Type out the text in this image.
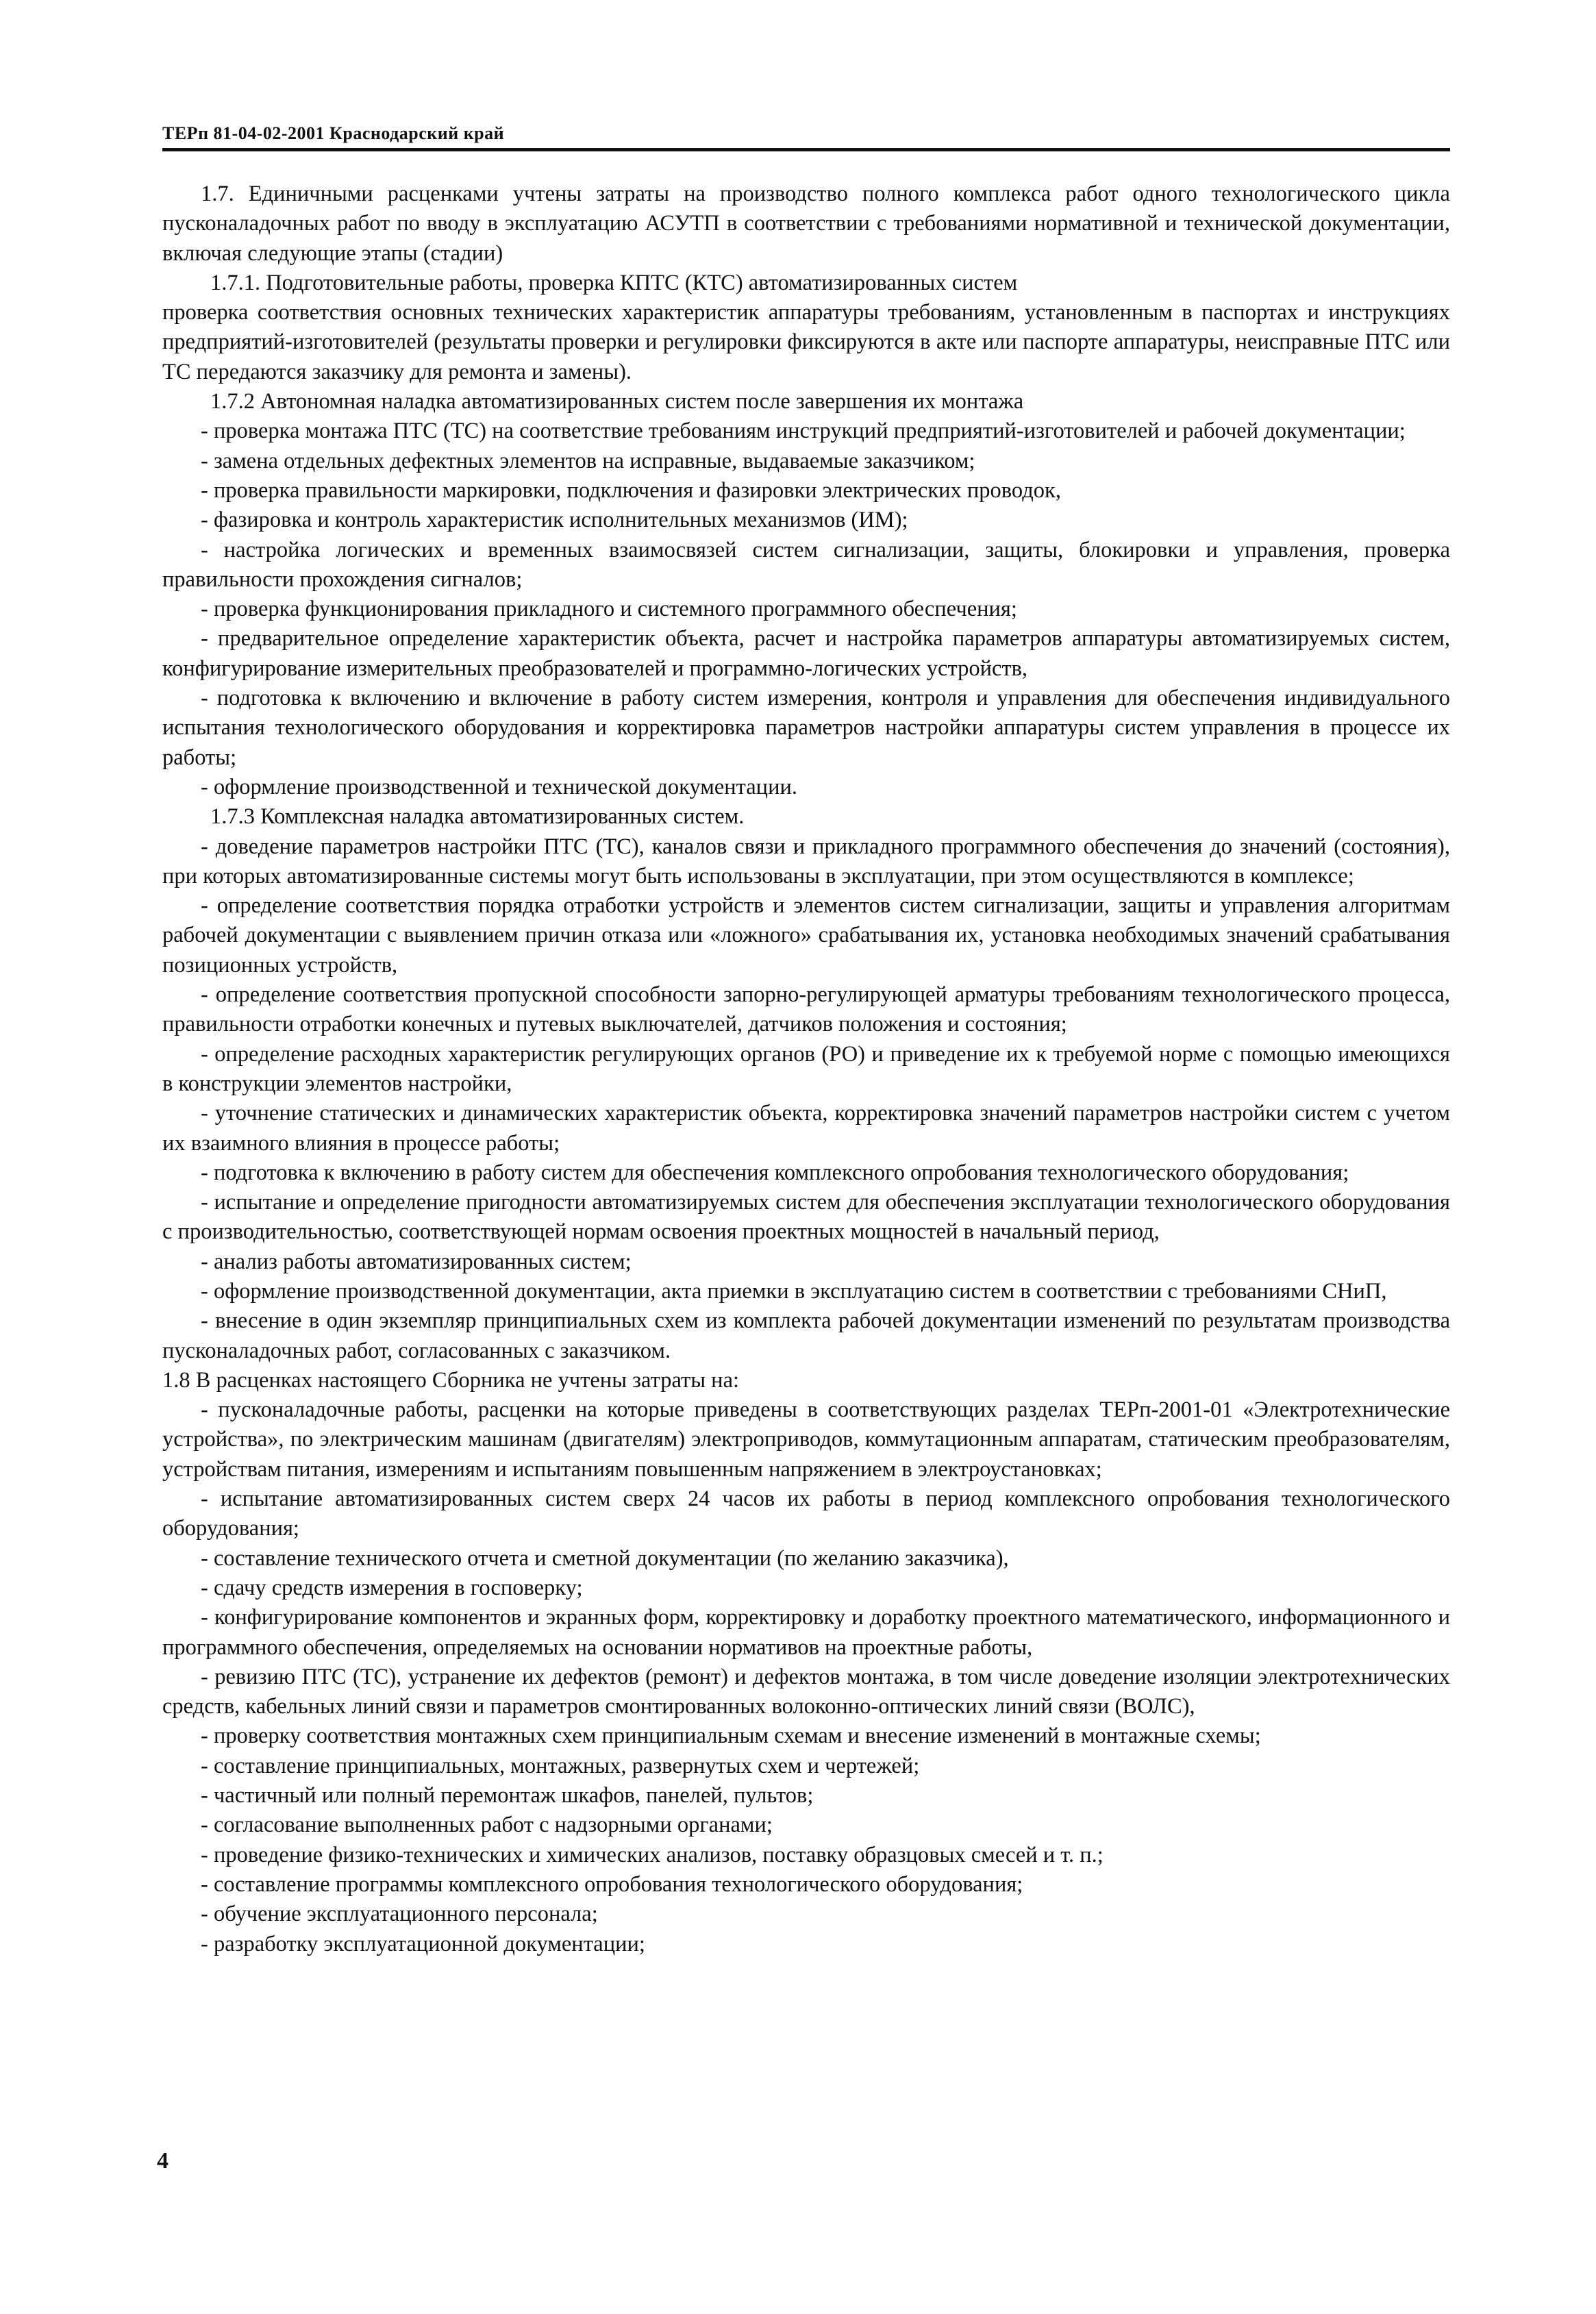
ТЕРп 81-04-02-2001 Краснодарский край

1.7. Единичными расценками учтены затраты на производство полного комплекса работ одного технологического цикла пусконаладочных работ по вводу в эксплуатацию АСУТП в соответствии с требованиями нормативной и технической документации, включая следующие этапы (стадии)

1.7.1. Подготовительные работы, проверка КПТС (КТС) автоматизированных систем

проверка соответствия основных технических характеристик аппаратуры требованиям, установленным в паспортах и инструкциях предприятий-изготовителей (результаты проверки и регулировки фиксируются в акте или паспорте аппаратуры, неисправные ПТС или ТС передаются заказчику для ремонта и замены).

1.7.2 Автономная наладка автоматизированных систем после завершения их монтажа

- проверка монтажа ПТС (ТС) на соответствие требованиям инструкций предприятий-изготовителей и рабочей документации;

- замена отдельных дефектных элементов на исправные, выдаваемые заказчиком;

- проверка правильности маркировки, подключения и фазировки электрических проводок,

- фазировка и контроль характеристик исполнительных механизмов (ИМ);

- настройка логических и временных взаимосвязей систем сигнализации, защиты, блокировки и управления, проверка правильности прохождения сигналов;

- проверка функционирования прикладного и системного программного обеспечения;

- предварительное определение характеристик объекта, расчет и настройка параметров аппаратуры автоматизируемых систем, конфигурирование измерительных преобразователей и программно-логических устройств,

- подготовка к включению и включение в работу систем измерения, контроля и управления для обеспечения индивидуального испытания технологического оборудования и корректировка параметров настройки аппаратуры систем управления в процессе их работы;

- оформление производственной и технической документации.

1.7.3 Комплексная наладка автоматизированных систем.

- доведение параметров настройки ПТС (ТС), каналов связи и прикладного программного обеспечения до значений (состояния), при которых автоматизированные системы могут быть использованы в эксплуатации, при этом осуществляются в комплексе;

- определение соответствия порядка отработки устройств и элементов систем сигнализации, защиты и управления алгоритмам рабочей документации с выявлением причин отказа или «ложного» срабатывания их, установка необходимых значений срабатывания позиционных устройств,

- определение соответствия пропускной способности запорно-регулирующей арматуры требованиям технологического процесса, правильности отработки конечных и путевых выключателей, датчиков положения и состояния;

- определение расходных характеристик регулирующих органов (РО) и приведение их к требуемой норме с помощью имеющихся в конструкции элементов настройки,

- уточнение статических и динамических характеристик объекта, корректировка значений параметров настройки систем с учетом их взаимного влияния в процессе работы;

- подготовка к включению в работу систем для обеспечения комплексного опробования технологического оборудования;

- испытание и определение пригодности автоматизируемых систем для обеспечения эксплуатации технологического оборудования с производительностью, соответствующей нормам освоения проектных мощностей в начальный период,

- анализ работы автоматизированных систем;

- оформление производственной документации, акта приемки в эксплуатацию систем в соответствии с требованиями СНиП,

- внесение в один экземпляр принципиальных схем из комплекта рабочей документации изменений по результатам производства пусконаладочных работ, согласованных с заказчиком.

1.8 В расценках настоящего Сборника не учтены затраты на:

- пусконаладочные работы, расценки на которые приведены в соответствующих разделах ТЕРп-2001-01 «Электротехнические устройства», по электрическим машинам (двигателям) электроприводов, коммутационным аппаратам, статическим преобразователям, устройствам питания, измерениям и испытаниям повышенным напряжением в электроустановках;

- испытание автоматизированных систем сверх 24 часов их работы в период комплексного опробования технологического оборудования;

- составление технического отчета и сметной документации (по желанию заказчика),

- сдачу средств измерения в госповерку;

- конфигурирование компонентов и экранных форм, корректировку и доработку проектного математического, информационного и программного обеспечения, определяемых на основании нормативов на проектные работы,

- ревизию ПТС (ТС), устранение их дефектов (ремонт) и дефектов монтажа, в том числе доведение изоляции электротехнических средств, кабельных линий связи и параметров смонтированных волоконно-оптических линий связи (ВОЛС),

- проверку соответствия монтажных схем принципиальным схемам и внесение изменений в монтажные схемы;

- составление принципиальных, монтажных, развернутых схем и чертежей;

- частичный или полный перемонтаж шкафов, панелей, пультов;

- согласование выполненных работ с надзорными органами;

- проведение физико-технических и химических анализов, поставку образцовых смесей и т. п.;

- составление программы комплексного опробования технологического оборудования;

- обучение эксплуатационного персонала;

- разработку эксплуатационной документации;

4
